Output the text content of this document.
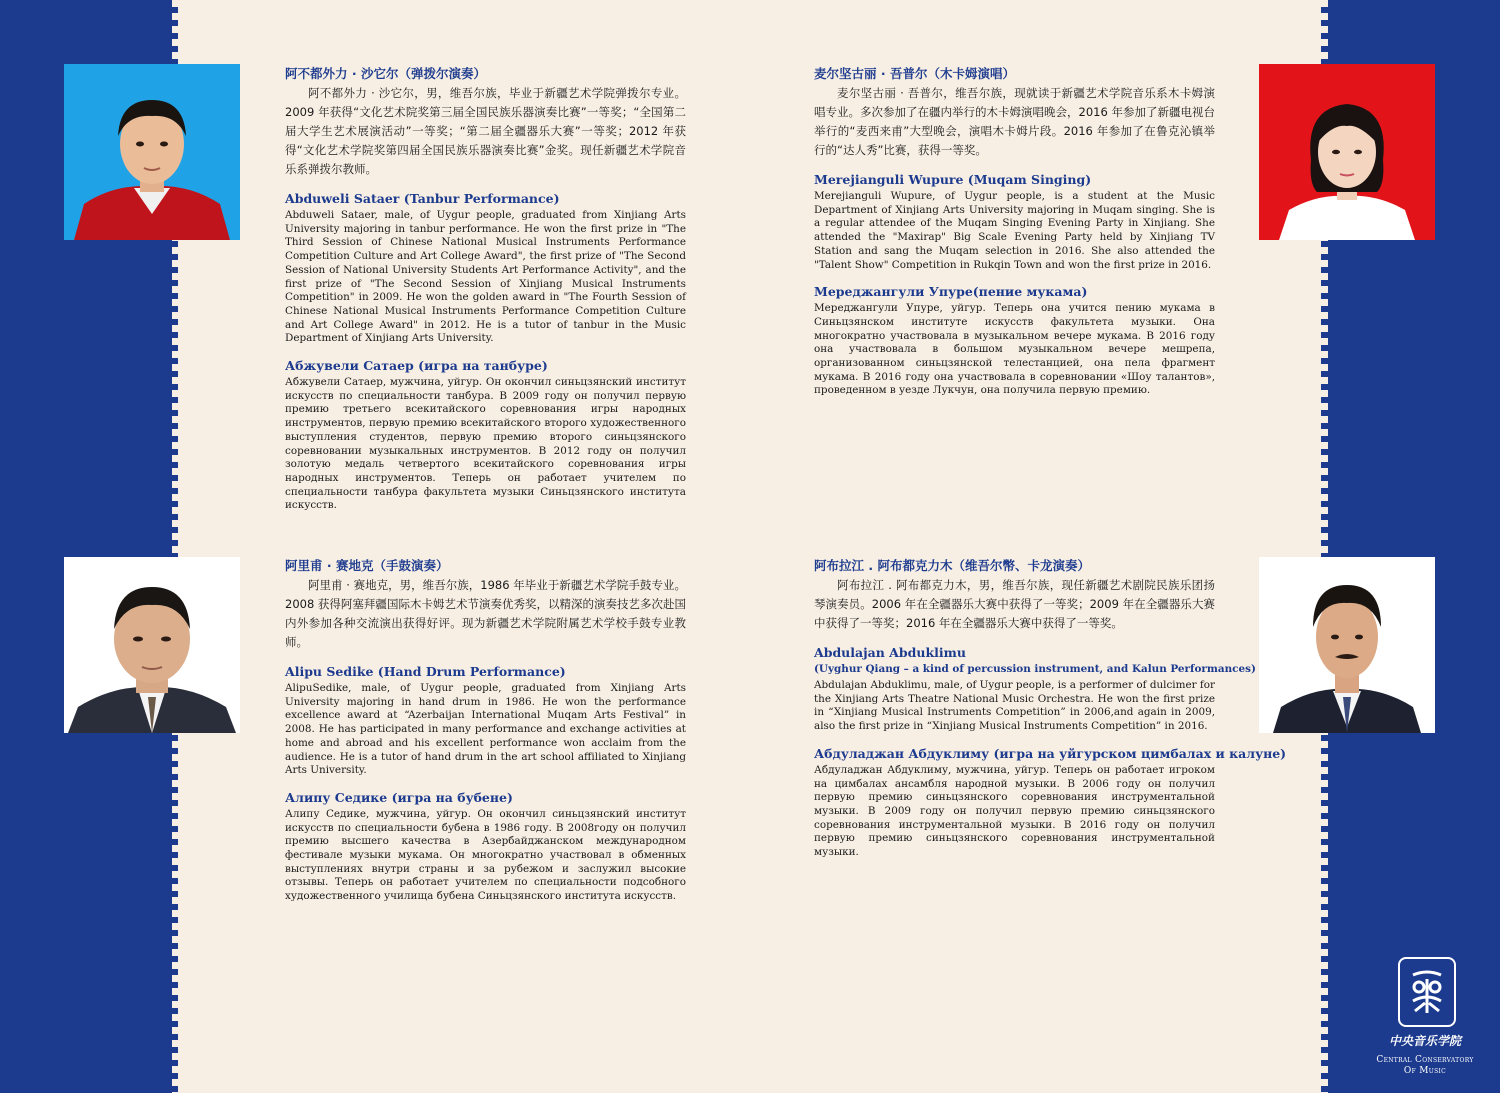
阿不都外力 · 沙它尔（弹拨尔演奏）
阿不都外力 · 沙它尔，男，维吾尔族，毕业于新疆艺术学院弹拨尔专业。2009 年获得“文化艺术院奖第三届全国民族乐器演奏比赛”一等奖；“全国第二届大学生艺术展演活动”一等奖；“第二届全疆器乐大赛”一等奖；2012 年获得“文化艺术学院奖第四届全国民族乐器演奏比赛”金奖。现任新疆艺术学院音乐系弹拨尔教师。
Abduweli Sataer (Tanbur Performance)
Abduweli Sataer, male, of Uygur people, graduated from Xinjiang Arts University majoring in tanbur performance. He won the first prize in "The Third Session of Chinese National Musical Instruments Performance Competition Culture and Art College Award", the first prize of "The Second Session of National University Students Art Performance Activity", and the first prize of "The Second Session of Xinjiang Musical Instruments Competition" in 2009. He won the golden award in "The Fourth Session of Chinese National Musical Instruments Performance Competition Culture and Art College Award" in 2012. He is a tutor of tanbur in the Music Department of Xinjiang Arts University.
Абжувели Сатаер (игра на танбуре)
Абжувели Сатаер, мужчина, уйгур. Он окончил синьцзянский институт искусств по специальности танбура. В 2009 году он получил первую премию третьего всекитайского соревнования игры народных инструментов, первую премию всекитайского второго художественного выступления студентов, первую премию второго синьцзянского соревновании музыкальных инструментов. В 2012 году он получил золотую медаль четвертого всекитайского соревнования игры народных инструментов. Теперь он работает учителем по специальности танбура факультета музыки Синьцзянского института искусств.
麦尔坚古丽 · 吾普尔（木卡姆演唱）
麦尔坚古丽 · 吾普尔，维吾尔族，现就读于新疆艺术学院音乐系木卡姆演唱专业。多次参加了在疆内举行的木卡姆演唱晚会，2016 年参加了新疆电视台举行的“麦西来甫”大型晚会，演唱木卡姆片段。2016 年参加了在鲁克沁镇举行的“达人秀”比赛，获得一等奖。
Merejianguli Wupure (Muqam Singing)
Merejianguli Wupure, of Uygur people, is a student at the Music Department of Xinjiang Arts University majoring in Muqam singing. She is a regular attendee of the Muqam Singing Evening Party in Xinjiang. She attended the "Maxirap" Big Scale Evening Party held by Xinjiang TV Station and sang the Muqam selection in 2016. She also attended the "Talent Show" Competition in Rukqin Town and won the first prize in 2016.
Мереджангули Упуре(пение мукама)
Мереджангули Упуре, уйгур. Теперь она учится пению мукама в Синьцзянском институте искусств факультета музыки. Она многократно участвовала в музыкальном вечере мукама. В 2016 году она участвовала в большом музыкальном вечере мешрепа, организованном синьцзянской телестанцией, она пела фрагмент мукама. В 2016 году она участвовала в соревновании «Шоу талантов», проведенном в уезде Лукчун, она получила первую премию.
阿里甫 · 赛地克（手鼓演奏）
阿里甫 · 赛地克，男，维吾尔族，1986 年毕业于新疆艺术学院手鼓专业。2008 获得阿塞拜疆国际木卡姆艺术节演奏优秀奖，以精深的演奏技艺多次赴国内外参加各种交流演出获得好评。现为新疆艺术学院附属艺术学校手鼓专业教师。
Alipu Sedike (Hand Drum Performance)
AlipuSedike, male, of Uygur people, graduated from Xinjiang Arts University majoring in hand drum in 1986. He won the performance excellence award at “Azerbaijan International Muqam Arts Festival” in 2008. He has participated in many performance and exchange activities at home and abroad and his excellent performance won acclaim from the audience. He is a tutor of hand drum in the art school affiliated to Xinjiang Arts University.
Алипу Седике (игра на бубене)
Алипу Седике, мужчина, уйгур. Он окончил синьцзянский институт искусств по специальности бубена в 1986 году. В 2008году он получил премию высшего качества в Азербайджанском международном фестивале музыки мукама. Он многократно участвовал в обменных выступлениях внутри страны и за рубежом и заслужил высокие отзывы. Теперь он работает учителем по специальности подсобного художественного училища бубена Синьцзянского института искусств.
阿布拉江 . 阿布都克力木（维吾尔幣、卡龙演奏）
阿布拉江 . 阿布都克力木，男，维吾尔族，现任新疆艺术剧院民族乐团扬琴演奏员。2006 年在全疆器乐大赛中获得了一等奖；2009 年在全疆器乐大赛中获得了一等奖；2016 年在全疆器乐大赛中获得了一等奖。
Abdulajan Abduklimu
(Uyghur Qiang – a kind of percussion instrument, and Kalun Performances)
Abdulajan Abduklimu, male, of Uygur people, is a performer of dulcimer for the Xinjiang Arts Theatre National Music Orchestra. He won the first prize in “Xinjiang Musical Instruments Competition” in 2006,and again in 2009, also the first prize in “Xinjiang Musical Instruments Competition” in 2016.
Абдуладжан Абдуклиму (игра на уйгурском цимбалах и калуне)
Абдуладжан Абдуклиму, мужчина, уйгур. Теперь он работает игроком на цимбалах ансамбля народной музыки. В 2006 году он получил первую премию синьцзянского соревнования инструментальной музыки. В 2009 году он получил первую премию синьцзянского соревнования инструментальной музыки. В 2016 году он получил первую премию синьцзянского соревнования инструментальной музыки.
中央音乐学院
Central Conservatory
Of Music
